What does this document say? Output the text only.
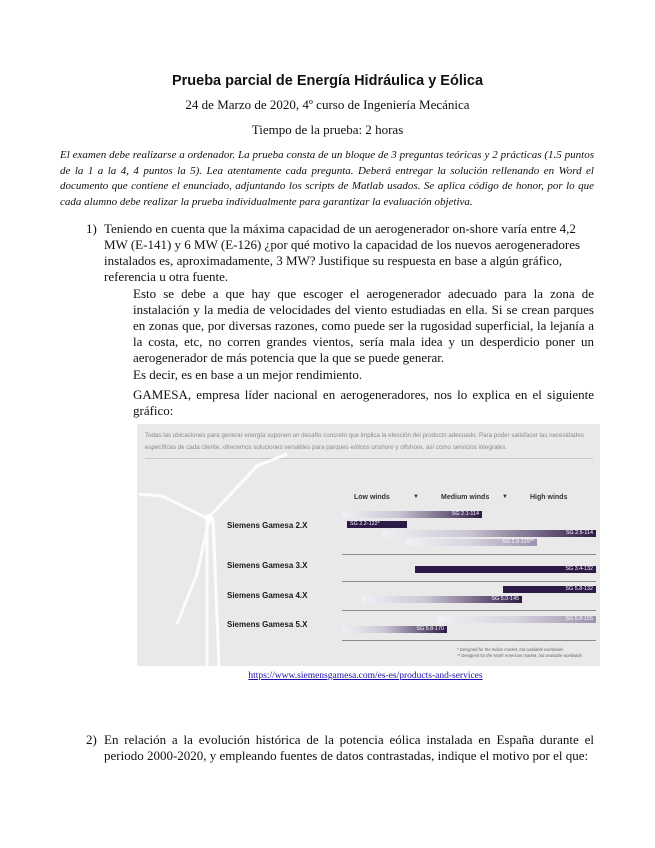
Prueba parcial de Energía Hidráulica y Eólica
24 de Marzo de 2020, 4º curso de Ingeniería Mecánica
Tiempo de la prueba: 2 horas
El examen debe realizarse a ordenador. La prueba consta de un bloque de 3 preguntas teóricas y 2 prácticas (1.5 puntos de la 1 a la 4, 4 puntos la 5). Lea atentamente cada pregunta. Deberá entregar la solución rellenando en Word el documento que contiene el enunciado, adjuntando los scripts de Matlab usados. Se aplica código de honor, por lo que cada alumno debe realizar la prueba individualmente para garantizar la evaluación objetiva.
1) Teniendo en cuenta que la máxima capacidad de un aerogenerador on-shore varía entre 4,2 MW (E-141) y 6 MW (E-126) ¿por qué motivo la capacidad de los nuevos aerogeneradores instalados es, aproximadamente, 3 MW? Justifique su respuesta en base a algún gráfico, referencia u otra fuente.
Esto se debe a que hay que escoger el aerogenerador adecuado para la zona de instalación y la media de velocidades del viento estudiadas en ella. Si se crean parques en zonas que, por diversas razones, como puede ser la rugosidad superficial, la lejanía a la costa, etc, no corren grandes vientos, sería mala idea y un desperdicio poner un aerogenerador de más potencia que la que se puede generar.
Es decir, es en base a un mejor rendimiento.
GAMESA, empresa líder nacional en aerogeneradores, nos lo explica en el siguiente gráfico:
Todas las ubicaciones para generar energía suponen un desafío concreto que implica la elección del producto adecuado. Para poder satisfacer las necesidades específicas de cada cliente, ofrecemos soluciones versátiles para parques eólicos onshore y offshore, así como servicios integrales.
Low winds	▼	Medium winds ▼	High winds
Siemens Gamesa 2.X
SG 2.1-114
SG 2.2-122*
SG 2.6-114
SG 2.9-129**
Siemens Gamesa 3.X	SG 3.4-132
Siemens Gamesa 4.X
SG 5.8-132
SG 5.0-145
Siemens Gamesa 5.X
SG 5.8-155
SG 5.8-170
* Designed for the Indian market, but available worldwide.
** Designed for the North American market, but available worldwide.
https://www.siemensgamesa.com/es-es/products-and-services
2) En relación a la evolución histórica de la potencia eólica instalada en España durante el periodo 2000-2020, y empleando fuentes de datos contrastadas, indique el motivo por el que:
